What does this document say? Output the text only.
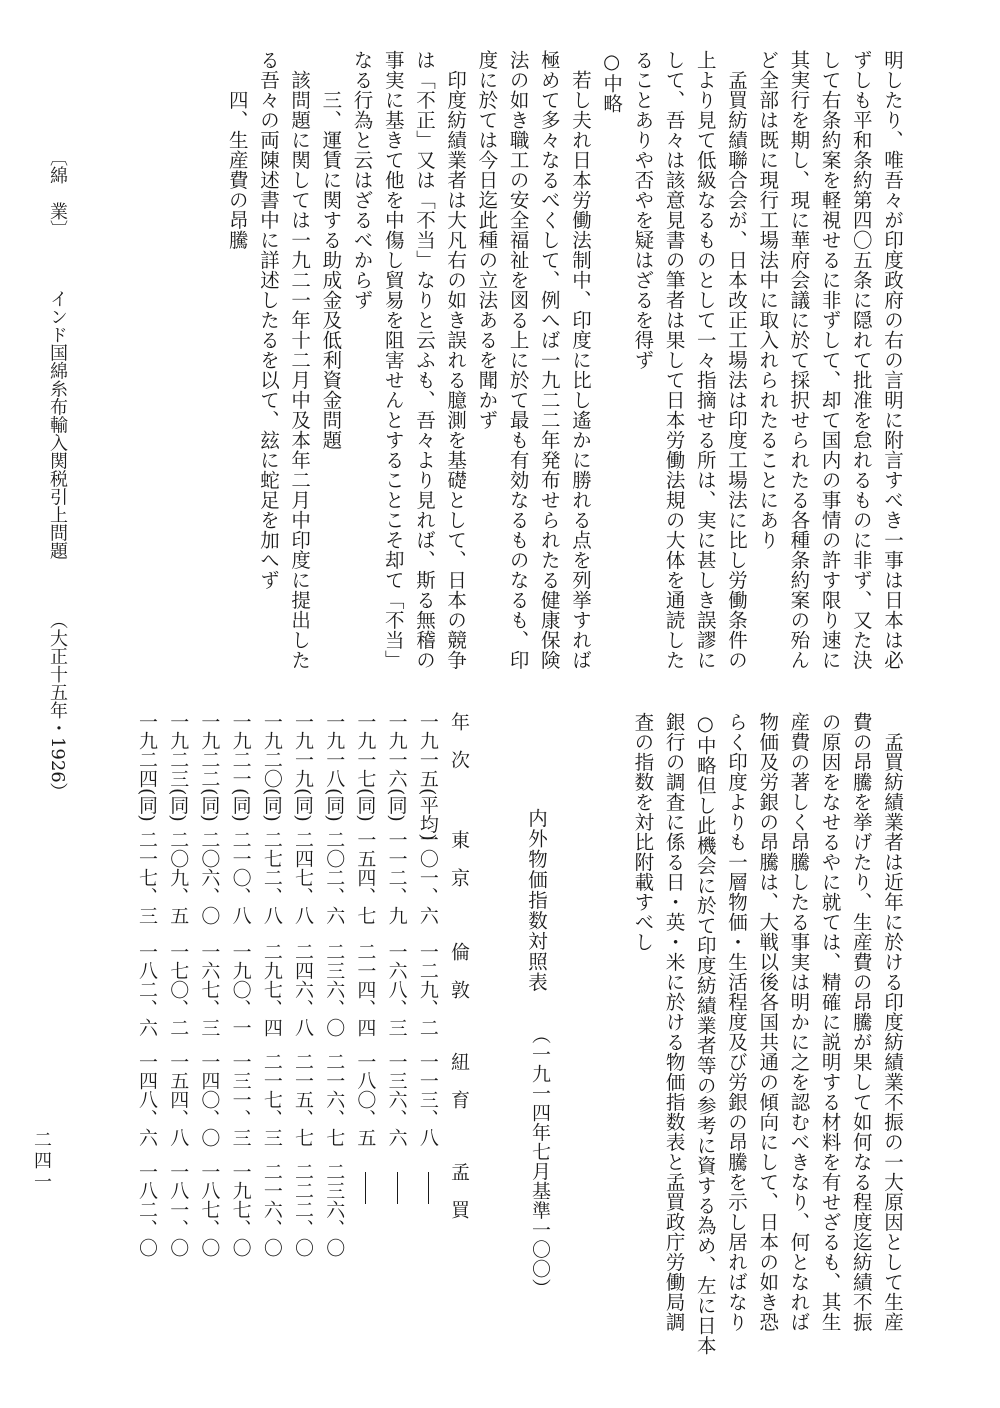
明したり、唯吾々が印度政府の右の言明に附言すべき一事は日本は必
ずしも平和条約第四〇五条に隠れて批准を怠れるものに非ず、又た決
して右条約案を軽視せるに非ずして、却て国内の事情の許す限り速に
其実行を期し、現に華府会議に於て採択せられたる各種条約案の殆ん
ど全部は既に現行工場法中に取入れられたることにあり
　孟買紡績聯合会が、日本改正工場法は印度工場法に比し労働条件の
上より見て低級なるものとして一々指摘せる所は、実に甚しき誤謬に
して、吾々は該意見書の筆者は果して日本労働法規の大体を通読した
ることありや否やを疑はざるを得ず
○中略
　若し夫れ日本労働法制中、印度に比し遙かに勝れる点を列挙すれば
極めて多々なるべくして、例へば一九二二年発布せられたる健康保険
法の如き職工の安全福祉を図る上に於て最も有効なるものなるも、印
度に於ては今日迄此種の立法あるを聞かず
　印度紡績業者は大凡右の如き誤れる臆測を基礎として、日本の競争
は「不正」又は「不当」なりと云ふも、吾々より見れば、斯る無稽の
事実に基きて他を中傷し貿易を阻害せんとすることこそ却て「不当」
なる行為と云はざるべからず
　　三、運賃に関する助成金及低利資金問題
　該問題に関しては一九二一年十二月中及本年二月中印度に提出した
る吾々の両陳述書中に詳述したるを以て、玆に蛇足を加へず
　　四、生産費の昂騰
　孟買紡績業者は近年に於ける印度紡績業不振の一大原因として生産
費の昂騰を挙げたり、生産費の昂騰が果して如何なる程度迄紡績不振
の原因をなせるやに就ては、精確に説明する材料を有せざるも、其生
産費の著しく昂騰したる事実は明かに之を認むべきなり、何となれば
物価及労銀の昂騰は、大戦以後各国共通の傾向にして、日本の如き恐
らく印度よりも一層物価・生活程度及び労銀の昂騰を示し居ればなり
○中略但し此機会に於て印度紡績業者等の参考に資する為め、左に日本
銀行の調査に係る日・英・米に於ける物価指数表と孟買政庁労働局調
査の指数を対比附載すべし
内外物価指数対照表
（一九一四年七月基準一〇〇）
年　次
東　京
倫　敦
紐　育
孟　買
一九一五(平均)
一〇一、六
一二九、二
一一三、八
一九一六(同)
一一二、九
一六八、三
一三六、六
一九一七(同)
一五四、七
二一四、四
一八〇、五
一九一八(同)
二〇二、六
二三六、〇
二一六、七
二三六、〇
一九一九(同)
二四七、八
二四六、八
二一五、七
二二二、〇
一九二〇(同)
二七二、八
二九七、四
二一七、三
二一六、〇
一九二一(同)
二一〇、八
一九〇、一
一三一、三
一九七、〇
一九二二(同)
二〇六、〇
一六七、三
一四〇、〇
一八七、〇
一九二三(同)
二〇九、五
一七〇、二
一五四、八
一八一、〇
一九二四(同)
二一七、三
一八二、六
一四八、六
一八二、〇
〔綿　業〕  インド国綿糸布輸入関税引上問題  （大正十五年・1926）
二四一
